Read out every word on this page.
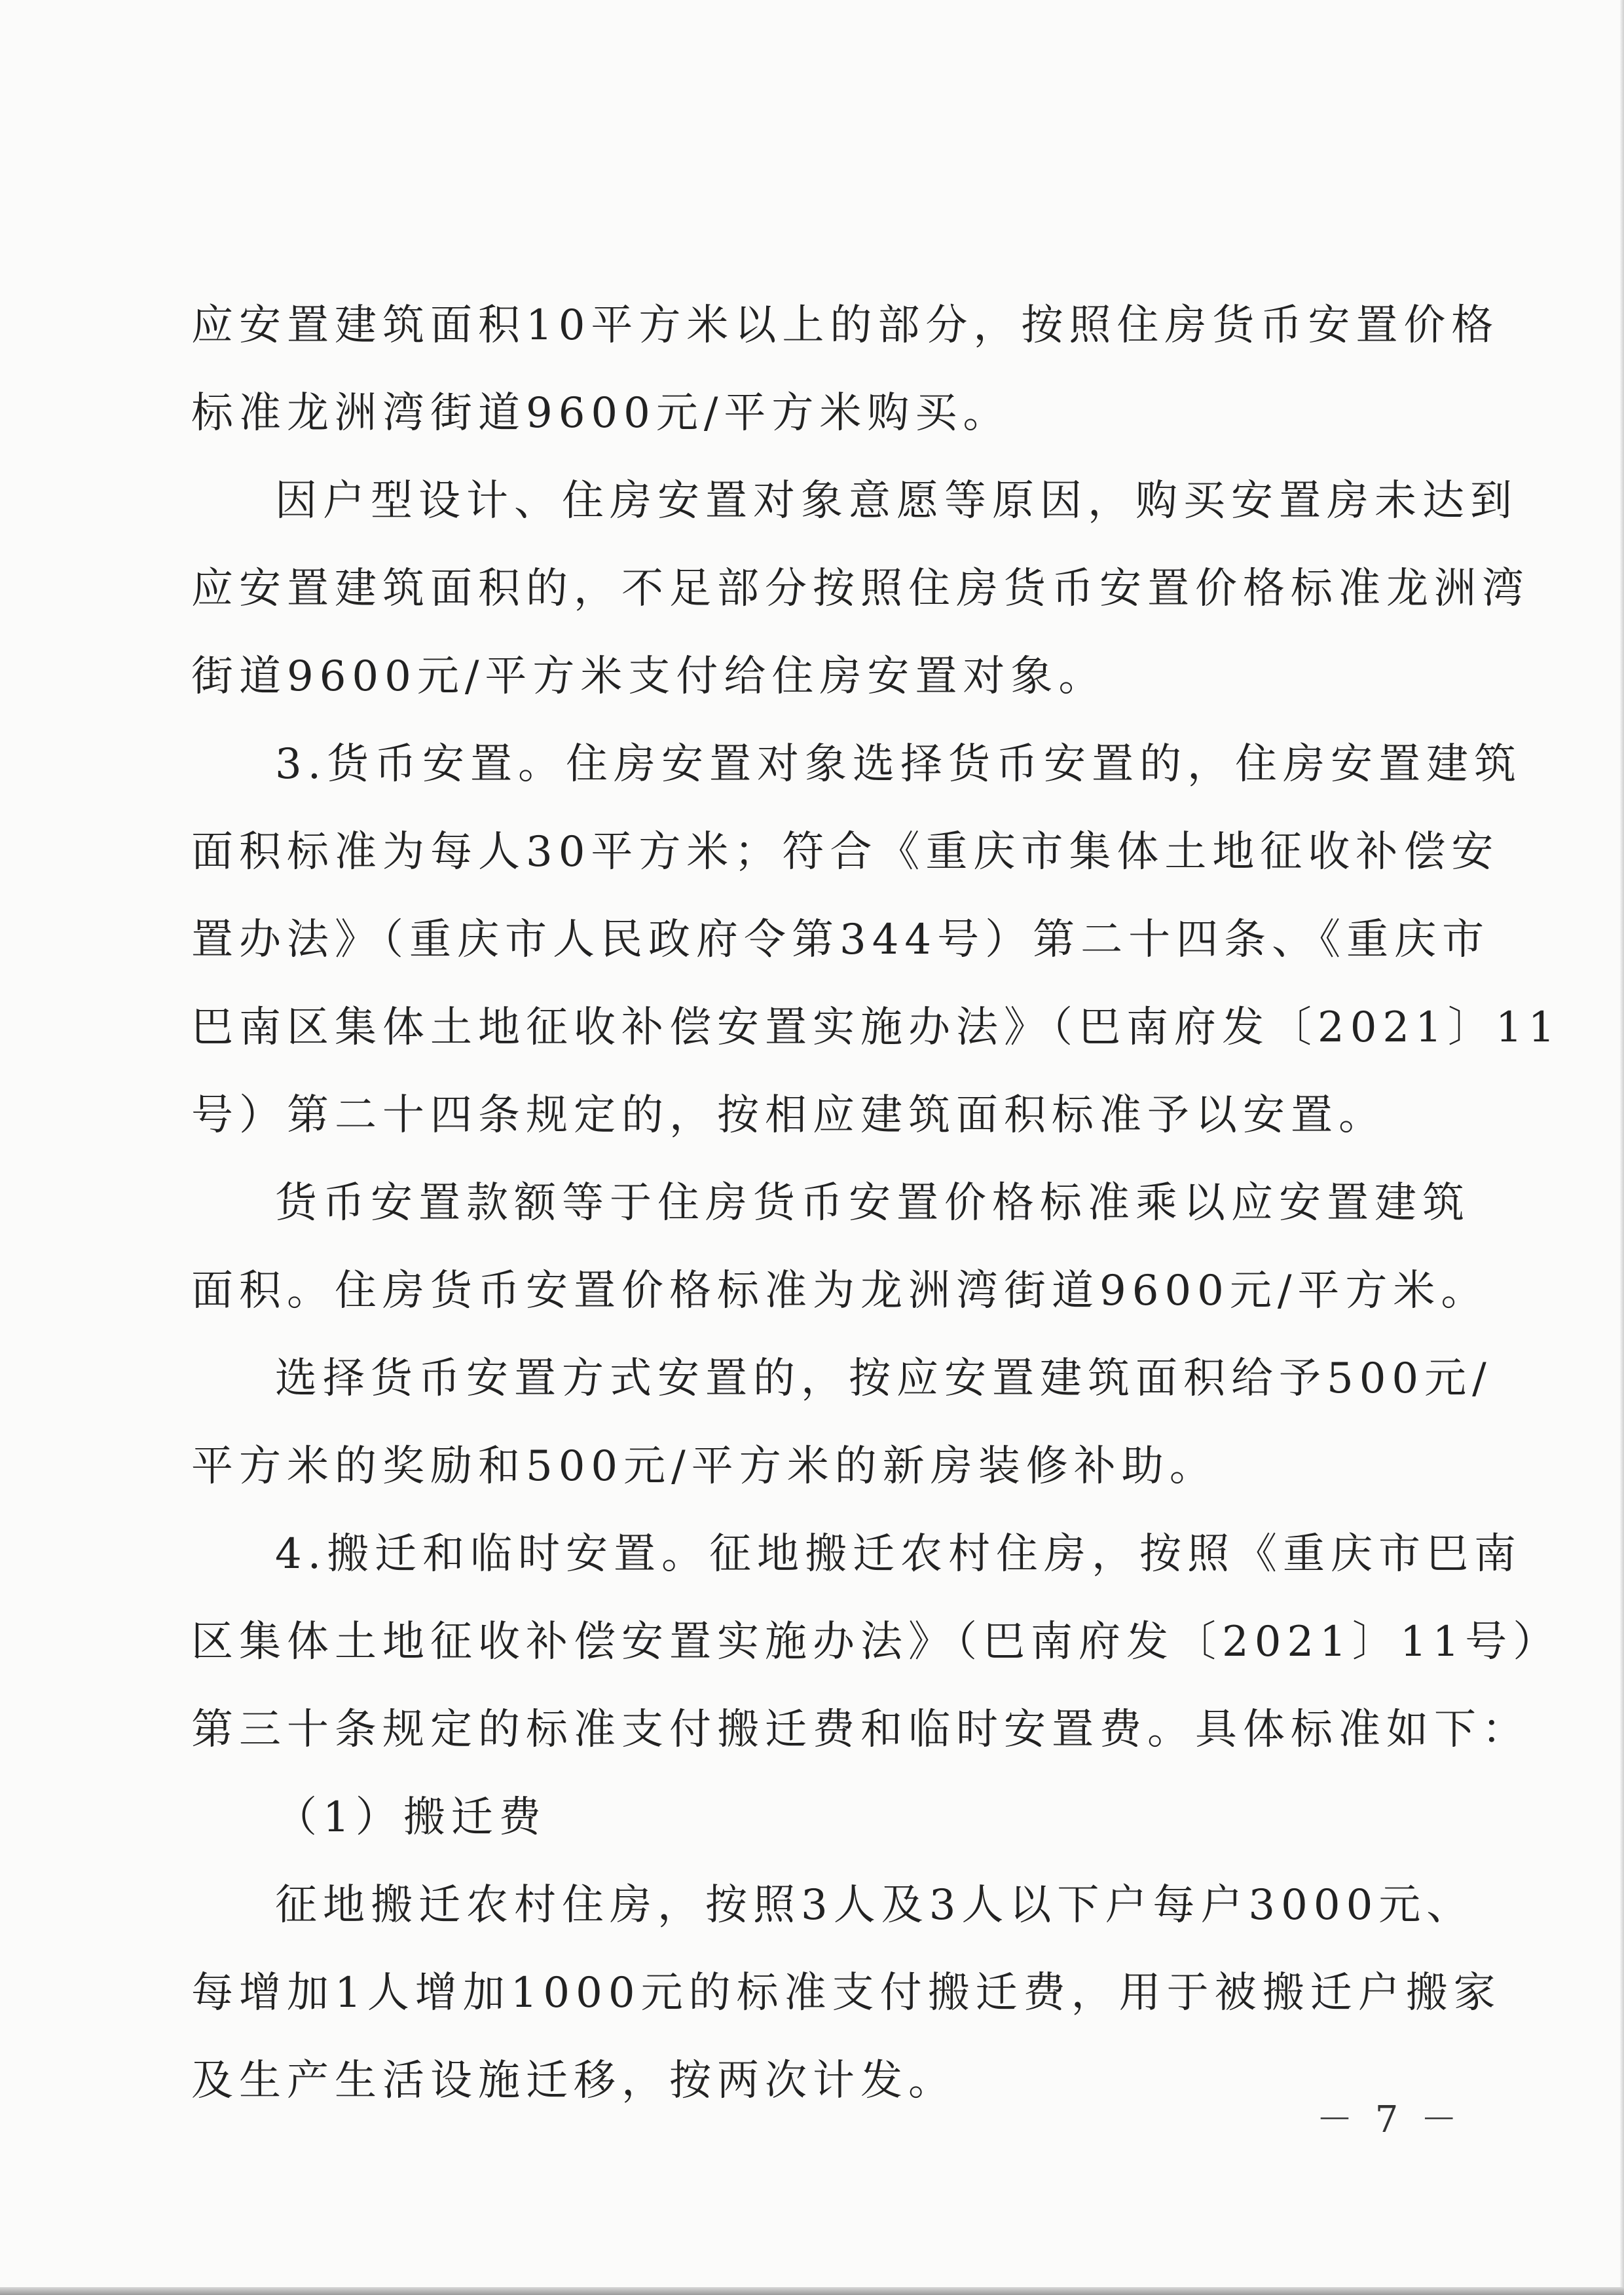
应安置建筑面积10平方米以上的部分，按照住房货币安置价格
标准龙洲湾街道9600元/平方米购买。
因户型设计、住房安置对象意愿等原因，购买安置房未达到
应安置建筑面积的，不足部分按照住房货币安置价格标准龙洲湾
街道9600元/平方米支付给住房安置对象。
3.货币安置。住房安置对象选择货币安置的，住房安置建筑
面积标准为每人30平方米；符合《重庆市集体土地征收补偿安
置办法》（重庆市人民政府令第344号）第二十四条、《重庆市
巴南区集体土地征收补偿安置实施办法》（巴南府发〔2021〕11
号）第二十四条规定的，按相应建筑面积标准予以安置。
货币安置款额等于住房货币安置价格标准乘以应安置建筑
面积。住房货币安置价格标准为龙洲湾街道9600元/平方米。
选择货币安置方式安置的，按应安置建筑面积给予500元/
平方米的奖励和500元/平方米的新房装修补助。
4.搬迁和临时安置。征地搬迁农村住房，按照《重庆市巴南
区集体土地征收补偿安置实施办法》（巴南府发〔2021〕11号）
第三十条规定的标准支付搬迁费和临时安置费。具体标准如下：
（1）搬迁费
征地搬迁农村住房，按照3人及3人以下户每户3000元、
每增加1人增加1000元的标准支付搬迁费，用于被搬迁户搬家
及生产生活设施迁移，按两次计发。
－ 7 －
